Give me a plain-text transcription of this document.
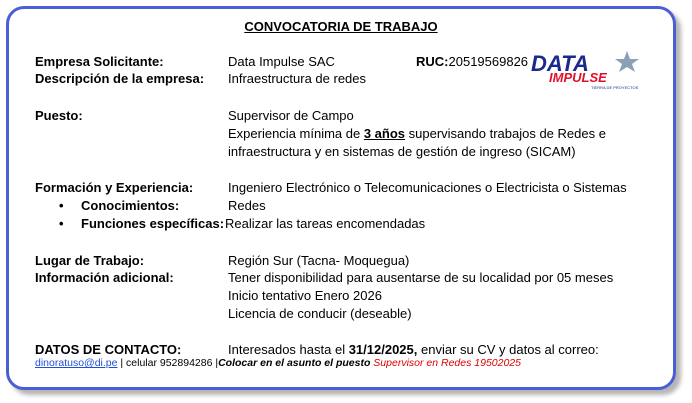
CONVOCATORIA DE TRABAJO
Empresa Solicitante:	Data Impulse SAC	RUC:20519569826 DATA
IMPULSE
TIERRA DE PROYECTOS
Descripción de la empresa: Infraestructura de redes
Puesto:	Supervisor de Campo
Experiencia mínima de 3 años supervisando trabajos de Redes e
infraestructura y en sistemas de gestión de ingreso (SICAM)
Formación y Experiencia:	Ingeniero Electrónico o Telecomunicaciones o Electricista o Sistemas
• Conocimientos:	Redes
• Funciones específicas: Realizar las tareas encomendadas
Lugar de Trabajo:	Región Sur (Tacna- Moquegua)
Información adicional:	Tener disponibilidad para ausentarse de su localidad por 05 meses
Inicio tentativo Enero 2026
Licencia de conducir (deseable)
DATOS DE CONTACTO:	Interesados hasta el 31/12/2025, enviar su CV y datos al correo:
dinoratuso@di.pe | celular 952894286 |Colocar en el asunto el puesto Supervisor en Redes 19502025
